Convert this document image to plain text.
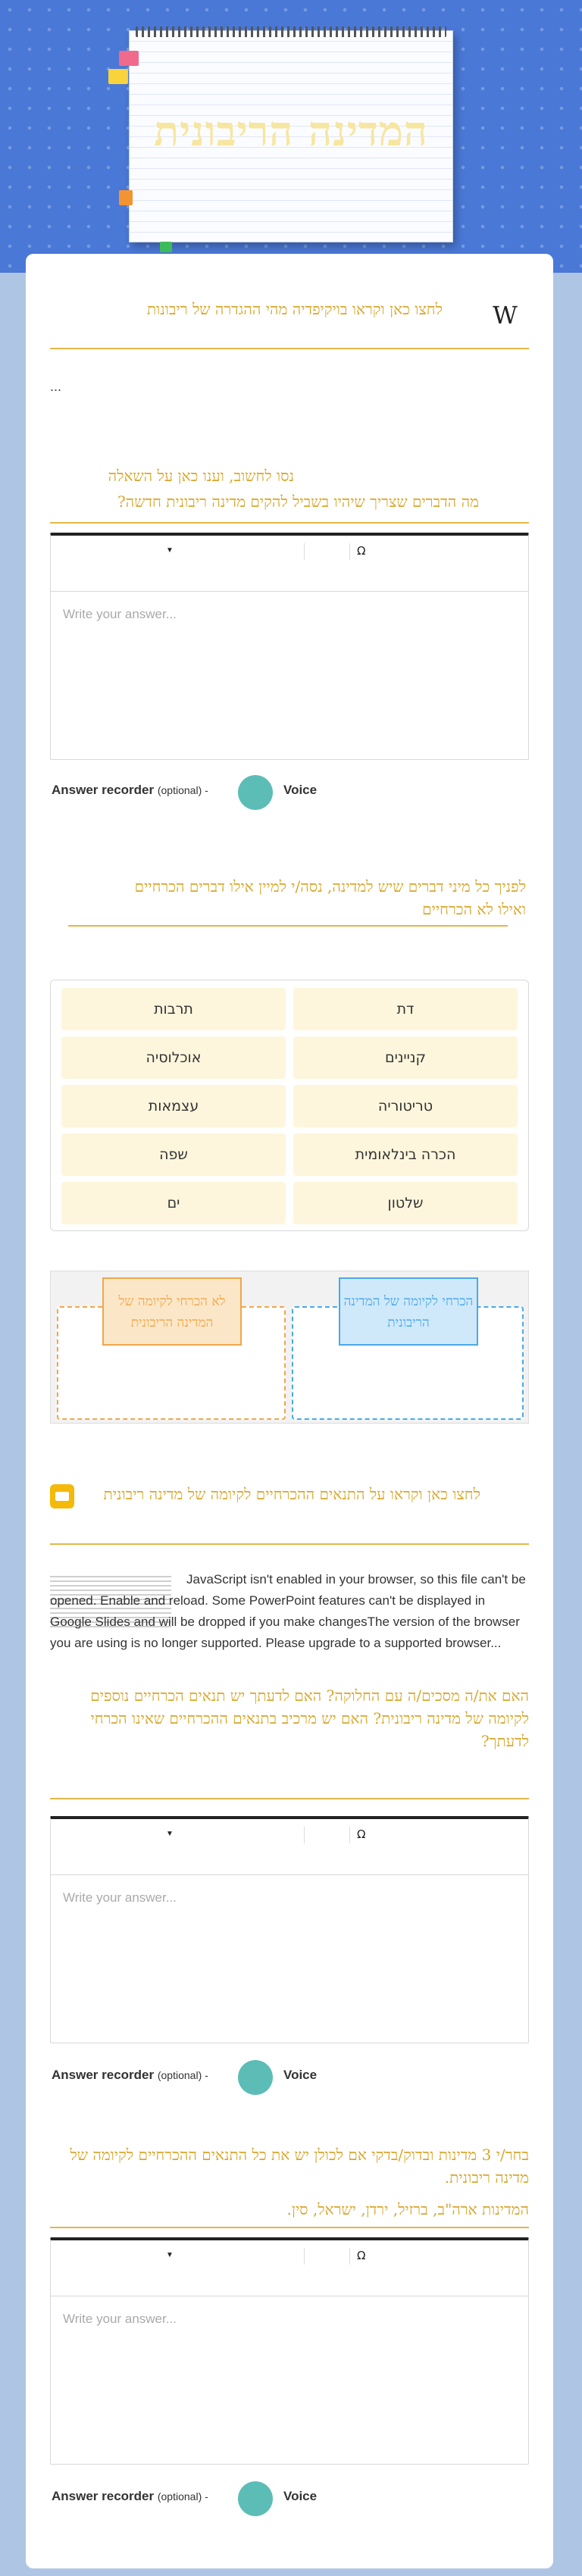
המדינה הריבונית
לחצו כאן וקראו בויקיפדיה מהי ההגדרה של ריבונות W
...
נסו לחשוב, וענו כאן על השאלה
מה הדברים שצריך שיהיו בשביל להקים מדינה ריבונית חדשה?
▼	Ω
Write your answer...
Answer recorder (optional) -	Voice
לפניך כל מיני דברים שיש למדינה, נסה/י למיין אילו דברים הכרחיים
ואילו לא הכרחיים
דת
תרבות
קניינים
אוכלוסיה
טריטוריה
עצמאות
הכרה בינלאומית
שפה
שלטון
ים
הכרחי לקיומה של המדינה הריבונית
לא הכרחי לקיומה של המדינה הריבונית
לחצו כאן וקראו על התנאים ההכרחיים לקיומה של מדינה ריבונית
JavaScript isn't enabled in your browser, so this file can't be opened. Enable and reload. Some PowerPoint features can't be displayed in Google Slides and will be dropped if you make changesThe version of the browser you are using is no longer supported. Please upgrade to a supported browser...
האם את/ה מסכים/ה עם החלוקה? האם לדעתך יש תנאים הכרחיים נוספים לקיומה של מדינה ריבונית? האם יש מרכיב בתנאים ההכרחיים שאינו הכרחי לדעתך?
▼	Ω
Write your answer...
Answer recorder (optional) -	Voice
בחר/י 3 מדינות ובדוק/בדקי אם לכולן יש את כל התנאים ההכרחיים לקיומה של מדינה ריבונית.
המדינות ארה"ב, ברזיל, ירדן, ישראל, סין.
▼	Ω
Write your answer...
Answer recorder (optional) -	Voice
